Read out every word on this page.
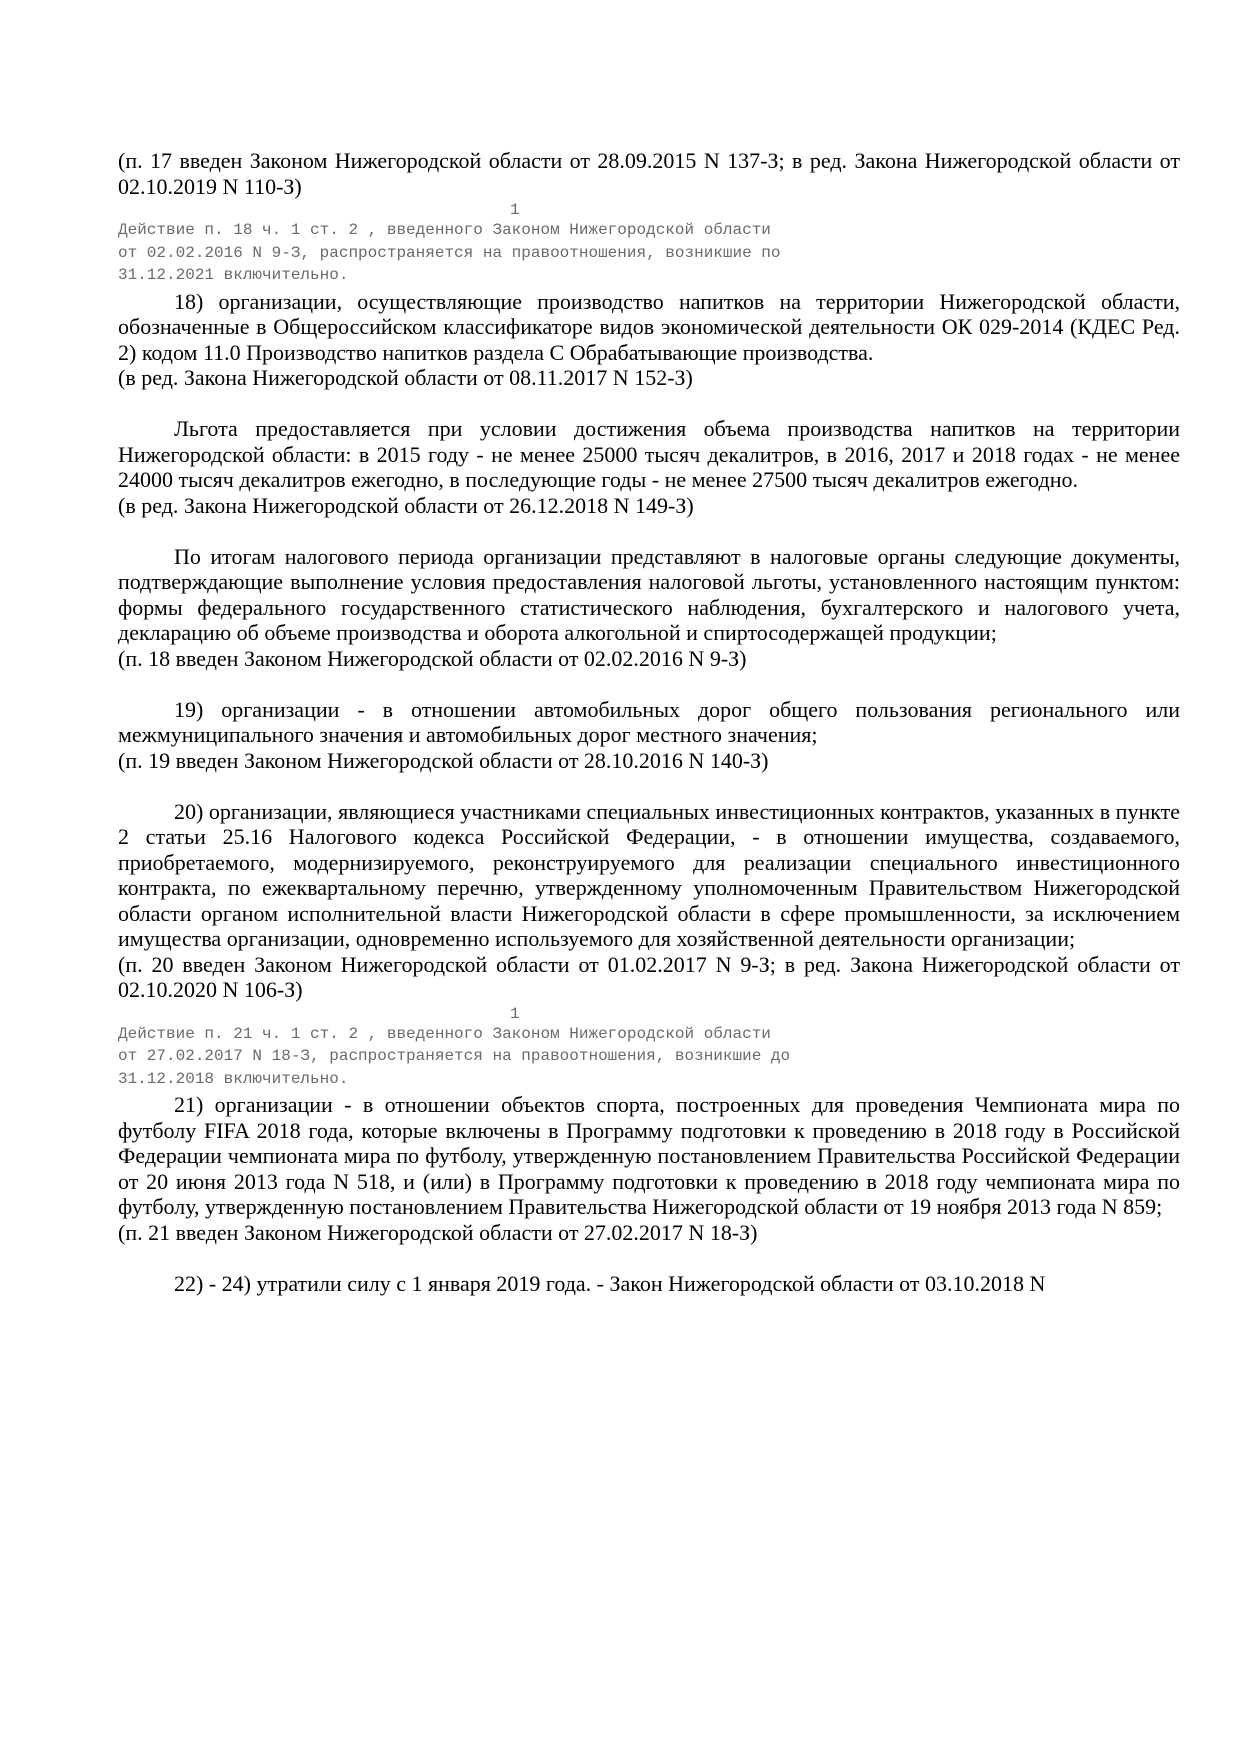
(п. 17 введен Законом Нижегородской области от 28.09.2015 N 137-З; в ред. Закона Нижегородской области от 02.10.2019 N 110-З)

1

Действие п. 18 ч. 1 ст. 2 , введенного Законом Нижегородской области

от 02.02.2016 N 9-З, распространяется на правоотношения, возникшие по

31.12.2021 включительно.

18) организации, осуществляющие производство напитков на территории Нижегородской области, обозначенные в Общероссийском классификаторе видов экономической деятельности ОК 029-2014 (КДЕС Ред. 2) кодом 11.0 Производство напитков раздела С Обрабатывающие производства.

(в ред. Закона Нижегородской области от 08.11.2017 N 152-З)

Льгота предоставляется при условии достижения объема производства напитков на территории Нижегородской области: в 2015 году - не менее 25000 тысяч декалитров, в 2016, 2017 и 2018 годах - не менее 24000 тысяч декалитров ежегодно, в последующие годы - не менее 27500 тысяч декалитров ежегодно.

(в ред. Закона Нижегородской области от 26.12.2018 N 149-З)

По итогам налогового периода организации представляют в налоговые органы следующие документы, подтверждающие выполнение условия предоставления налоговой льготы, установленного настоящим пунктом: формы федерального государственного статистического наблюдения, бухгалтерского и налогового учета, декларацию об объеме производства и оборота алкогольной и спиртосодержащей продукции;

(п. 18 введен Законом Нижегородской области от 02.02.2016 N 9-З)

19) организации - в отношении автомобильных дорог общего пользования регионального или межмуниципального значения и автомобильных дорог местного значения;

(п. 19 введен Законом Нижегородской области от 28.10.2016 N 140-З)

20) организации, являющиеся участниками специальных инвестиционных контрактов, указанных в пункте 2 статьи 25.16 Налогового кодекса Российской Федерации, - в отношении имущества, создаваемого, приобретаемого, модернизируемого, реконструируемого для реализации специального инвестиционного контракта, по ежеквартальному перечню, утвержденному уполномоченным Правительством Нижегородской области органом исполнительной власти Нижегородской области в сфере промышленности, за исключением имущества организации, одновременно используемого для хозяйственной деятельности организации;

(п. 20 введен Законом Нижегородской области от 01.02.2017 N 9-З; в ред. Закона Нижегородской области от 02.10.2020 N 106-З)

1

Действие п. 21 ч. 1 ст. 2 , введенного Законом Нижегородской области

от 27.02.2017 N 18-З, распространяется на правоотношения, возникшие до

31.12.2018 включительно.

21) организации - в отношении объектов спорта, построенных для проведения Чемпионата мира по футболу FIFA 2018 года, которые включены в Программу подготовки к проведению в 2018 году в Российской Федерации чемпионата мира по футболу, утвержденную постановлением Правительства Российской Федерации от 20 июня 2013 года N 518, и (или) в Программу подготовки к проведению в 2018 году чемпионата мира по футболу, утвержденную постановлением Правительства Нижегородской области от 19 ноября 2013 года N 859;

(п. 21 введен Законом Нижегородской области от 27.02.2017 N 18-З)

22) - 24) утратили силу с 1 января 2019 года. - Закон Нижегородской области от 03.10.2018 N
